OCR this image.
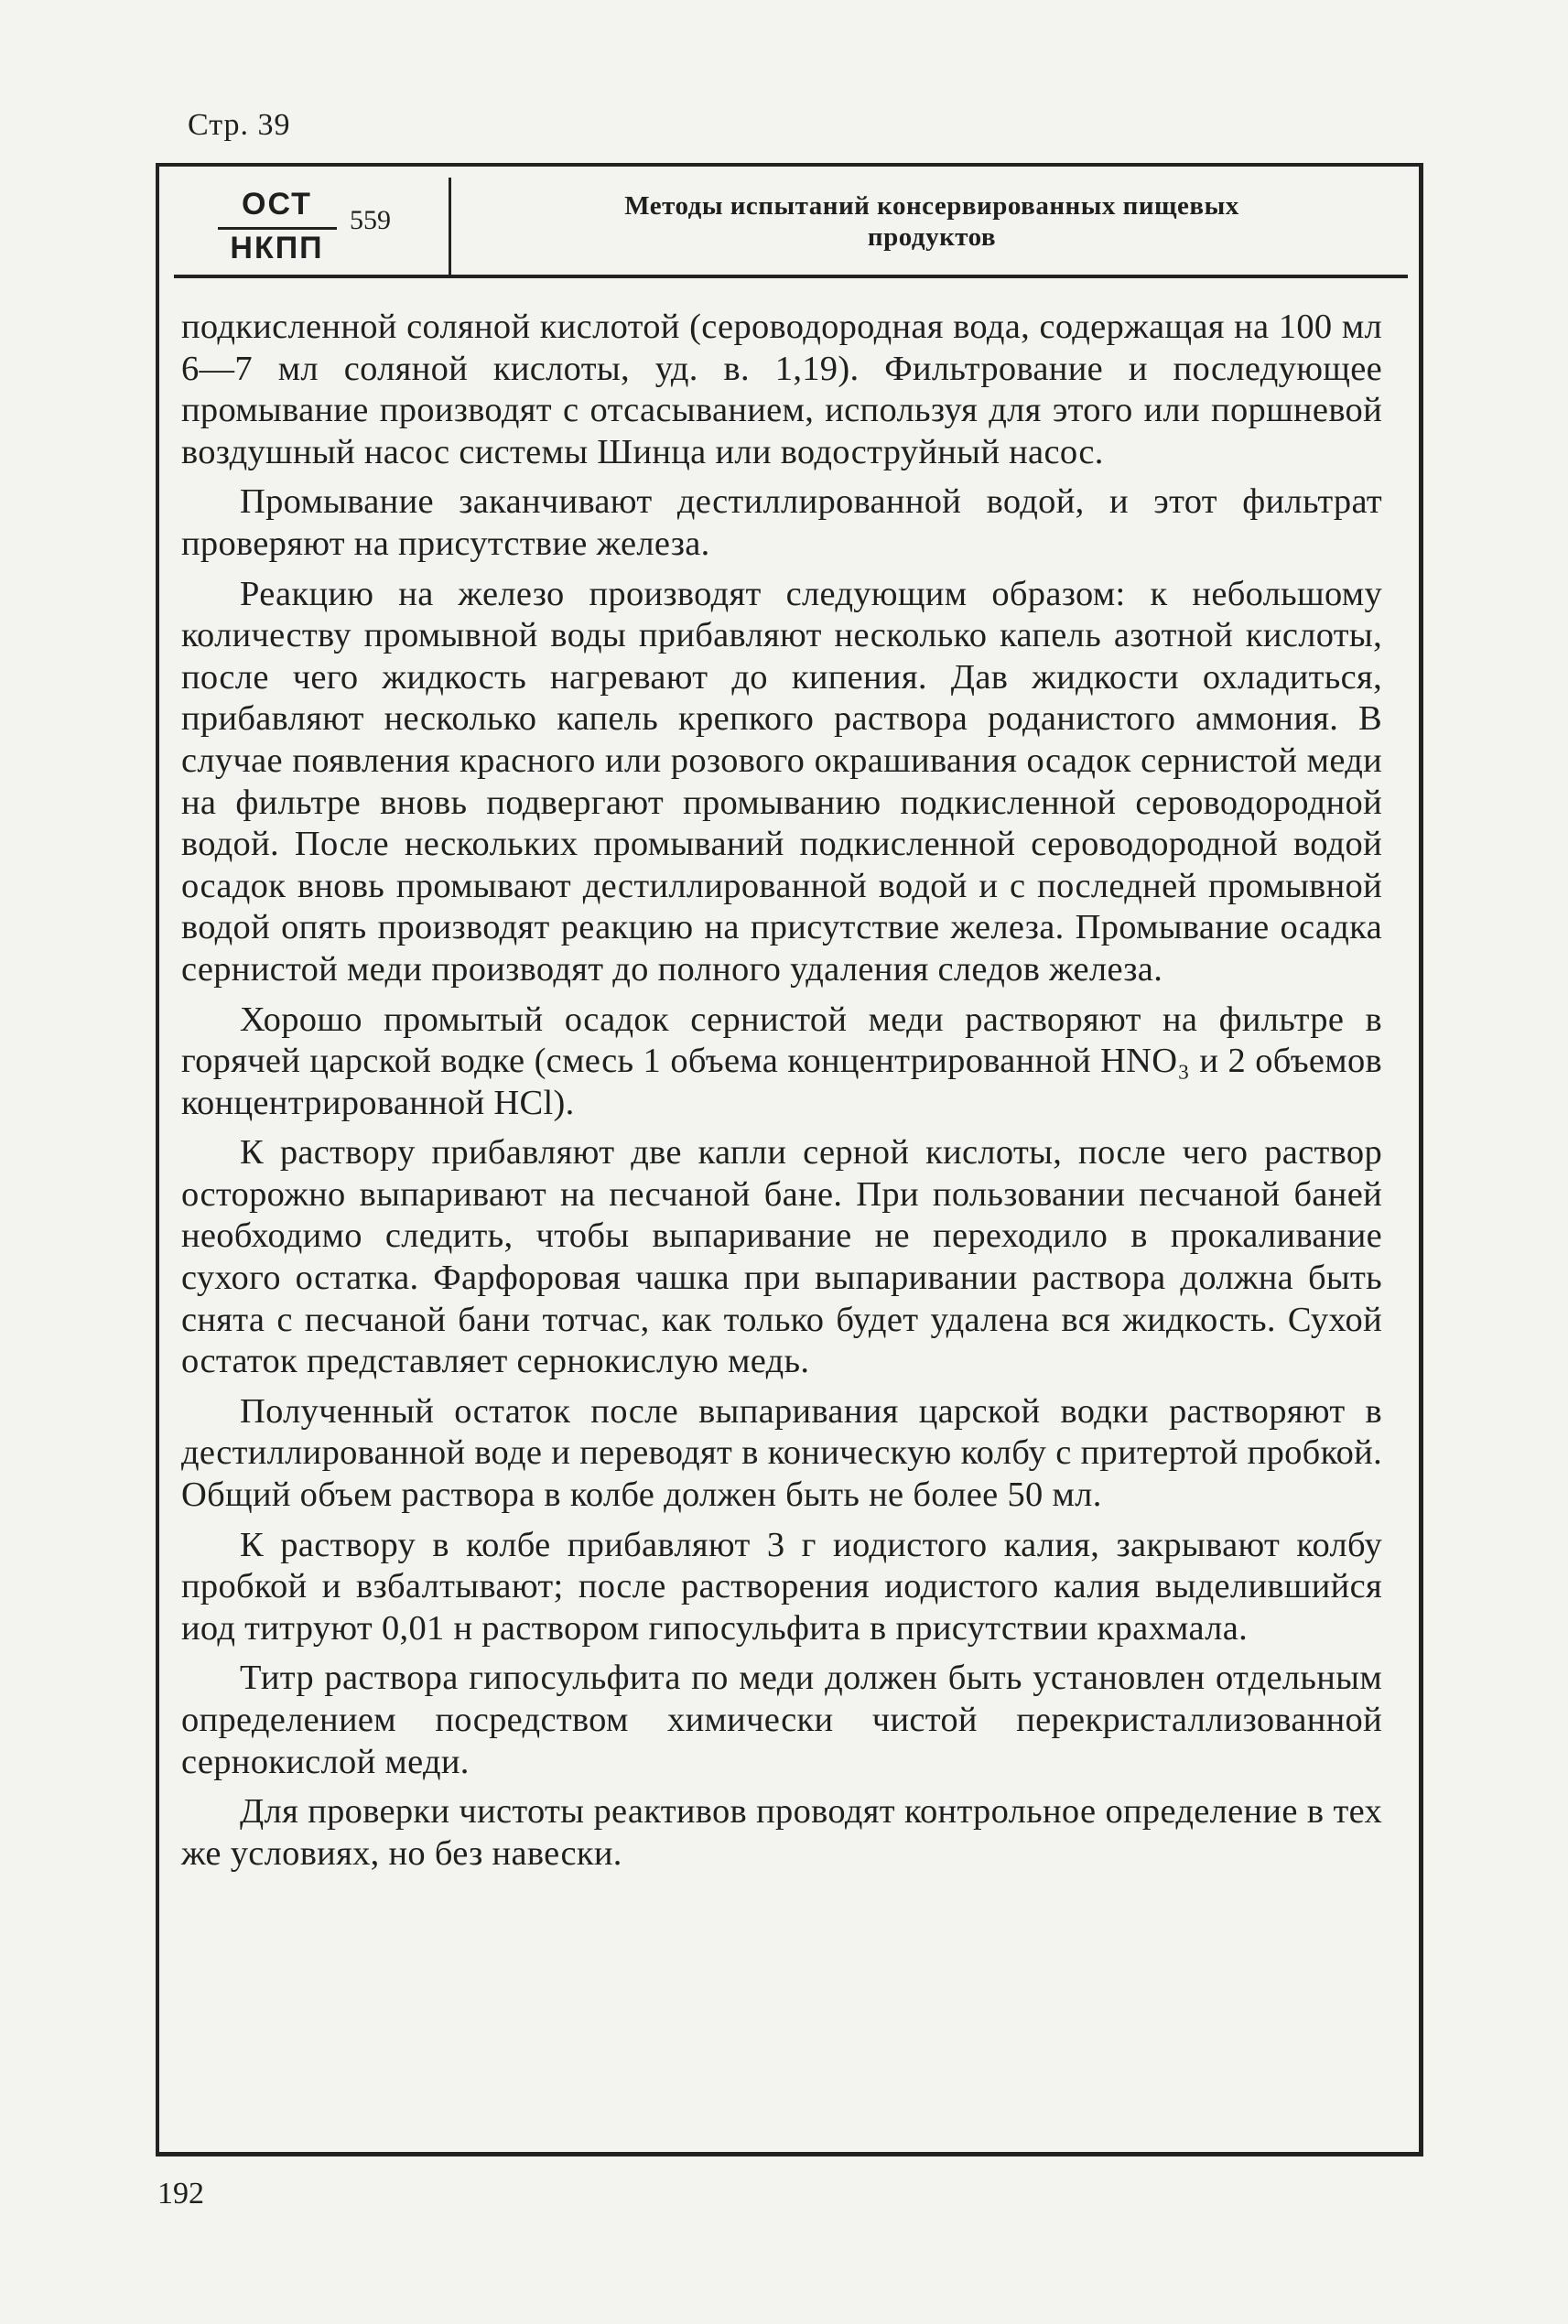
Стр. 39
ОСТ
НКПП
559	Методы испытаний консервированных пищевых
продуктов

подкисленной соляной кислотой (сероводородная вода, содержащая на 100 мл 6—7 мл соляной кислоты, уд. в. 1,19). Фильтрование и последующее промывание производят с отсасыванием, используя для этого или поршневой воздушный насос системы Шинца или водоструйный насос.

Промывание заканчивают дестиллированной водой, и этот фильтрат проверяют на присутствие железа.

Реакцию на железо производят следующим образом: к небольшому количеству промывной воды прибавляют несколько капель азотной кислоты, после чего жидкость нагревают до кипения. Дав жидкости охладиться, прибавляют несколько капель крепкого раствора роданистого аммония. В случае появления красного или розового окрашивания осадок сернистой меди на фильтре вновь подвергают промыванию подкисленной сероводородной водой. После нескольких промываний подкисленной сероводородной водой осадок вновь промывают дестиллированной водой и с последней промывной водой опять производят реакцию на присутствие железа. Промывание осадка сернистой меди производят до полного удаления следов железа.

Хорошо промытый осадок сернистой меди растворяют на фильтре в горячей царской водке (смесь 1 объема концентрированной HNO₃ и 2 объемов концентрированной HCl).

К раствору прибавляют две капли серной кислоты, после чего раствор осторожно выпаривают на песчаной бане. При пользовании песчаной баней необходимо следить, чтобы выпаривание не переходило в прокаливание сухого остатка. Фарфоровая чашка при выпаривании раствора должна быть снята с песчаной бани тотчас, как только будет удалена вся жидкость. Сухой остаток представляет сернокислую медь.

Полученный остаток после выпаривания царской водки растворяют в дестиллированной воде и переводят в коническую колбу с притертой пробкой. Общий объем раствора в колбе должен быть не более 50 мл.

К раствору в колбе прибавляют 3 г иодистого калия, закрывают колбу пробкой и взбалтывают; после растворения иодистого калия выделившийся иод титруют 0,01 н раствором гипосульфита в присутствии крахмала.

Титр раствора гипосульфита по меди должен быть установлен отдельным определением посредством химически чистой перекристаллизованной сернокислой меди.

Для проверки чистоты реактивов проводят контрольное определение в тех же условиях, но без навески.

192
